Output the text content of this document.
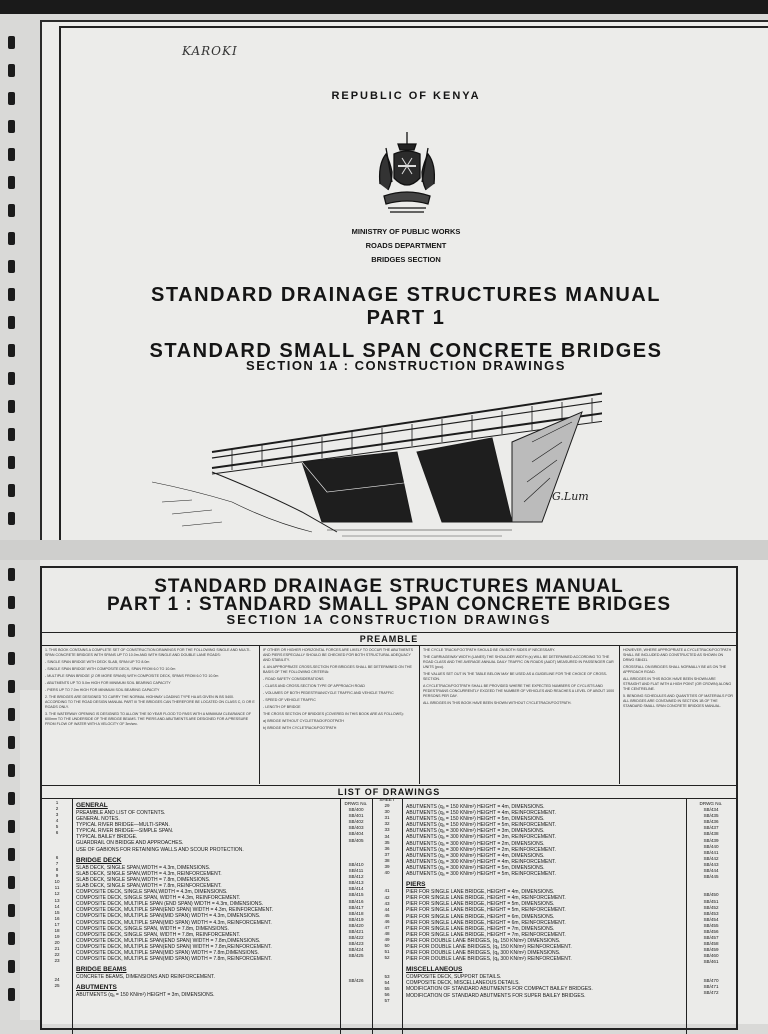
KAROKI
REPUBLIC OF KENYA
MINISTRY OF PUBLIC WORKS
ROADS DEPARTMENT
BRIDGES SECTION
STANDARD DRAINAGE STRUCTURES MANUAL
PART 1
STANDARD SMALL SPAN CONCRETE BRIDGES
SECTION 1A : CONSTRUCTION DRAWINGS
G.Lum
STANDARD DRAINAGE STRUCTURES MANUAL
PART 1 : STANDARD SMALL SPAN CONCRETE BRIDGES
SECTION 1A CONSTRUCTION DRAWINGS
PREAMBLE

1. THIS BOOK CONTAINS A COMPLETE SET OF CONSTRUCTION DRAWINGS FOR THE FOLLOWING SINGLE AND MULTI-SPAN CONCRETE BRIDGES WITH SPANS UP TO 10.0m AND WITH SINGLE AND DOUBLE LANE ROADS:

- SINGLE SPAN BRIDGE WITH DECK SLAB, SPAN UP TO 8.0m

- SINGLE SPAN BRIDGE WITH COMPOSITE DECK, SPAN FROM 6.0 TO 10.0m

- MULTIPLE SPAN BRIDGE (2 OR MORE SPANS) WITH COMPOSITE DECK, SPANS FROM 6.0 TO 10.0m

- ABUTMENTS UP TO 5.0m HIGH FOR MINIMUM SOIL BEARING CAPACITY

- PIERS UP TO 7.0m HIGH FOR MINIMUM SOIL BEARING CAPACITY

2. THE BRIDGES ARE DESIGNED TO CARRY THE NORMAL HIGHWAY LOADING TYPE HA AS GIVEN IN BS 5400. ACCORDING TO THE ROAD DESIGN MANUAL PART III THE BRIDGES CAN THEREFORE BE LOCATED ON CLASS C, D OR E ROADS ONLY.

3. THE WATERWAY OPENING IS DESIGNED TO ALLOW THE 50 YEAR FLOOD TO PASS WITH A MINIMUM CLEARANCE OF 600mm TO THE UNDERSIDE OF THE BRIDGE BEAMS. THE PIERS AND ABUTMENTS ARE DESIGNED FOR A PRESSURE FROM FLOW OF WATER WITH A VELOCITY OF 3m/sec.

IF OTHER OR HIGHER HORIZONTAL FORCES ARE LIKELY TO OCCUR THE ABUTMENTS AND PIERS ESPECIALLY SHOULD BE CHECKED FOR BOTH STRUCTURAL ADEQUACY AND STABILITY.

4. AN APPROPRIATE CROSS-SECTION FOR BRIDGES SHALL BE DETERMINED ON THE BASIS OF THE FOLLOWING CRITERIA:

- ROAD SAFETY CONSIDERATIONS

- CLASS AND CROSS-SECTION TYPE OF APPROACH ROAD

- VOLUMES OF BOTH PEDESTRIAN/CYCLE TRAFFIC AND VEHICLE TRAFFIC

- SPEED OF VEHICLE TRAFFIC

- LENGTH OF BRIDGE

THE CROSS SECTION OF BRIDGES (COVERED IN THIS BOOK ARE AS FOLLOWS):

a) BRIDGE WITHOUT CYCLETRACK/FOOTPATH

b) BRIDGE WITH CYCLETRACK/FOOTPATH

THE CYCLE TRACK/FOOTPATH SHOULD BE ON BOTH SIDES IF NECESSARY.

THE CARRIAGEWAY WIDTH (LANES) THE SHOULDER WIDTH (s) WILL BE DETERMINED ACCORDING TO THE ROAD CLASS AND THE AVERAGE ANNUAL DAILY TRAFFIC ON ROADS (AADT) MEASURED IN PASSENGER CAR UNITS (pcu).

THE VALUES SET OUT IN THE TABLE BELOW MAY BE USED AS A GUIDELINE FOR THE CHOICE OF CROSS-SECTION.

A CYCLETRACK/FOOTPATH SHALL BE PROVIDED WHERE THE EXPECTED NUMBERS OF CYCLISTS AND PEDESTRIANS CONCURRENTLY EXCEED THE NUMBER OF VEHICLES AND REACHES A LEVEL OF ABOUT 1000 PERSONS PER DAY.

ALL BRIDGES IN THIS BOOK HAVE BEEN SHOWN WITHOUT CYCLETRACK/FOOTPATH.

HOWEVER, WHERE APPROPRIATE A CYCLETRACK/FOOTPATH SHALL BE INCLUDED AND CONSTRUCTED AS SHOWN ON DRWG SB/431.

CROSSFALL ON BRIDGES SHALL NORMALLY BE AS ON THE APPROACH ROAD.

ALL BRIDGES IN THIS BOOK HAVE BEEN SHOWN ARE STRAIGHT AND FLAT WITH A HIGH POINT (OR CROWN) ALONG THE CENTRELINE.

5. BENDING SCHEDULES AND QUANTITIES OF MATERIALS FOR ALL BRIDGES ARE CONTAINED IN SECTION 1B OF THE STANDARD SMALL SPAN CONCRETE BRIDGES MANUAL.

LIST OF DRAWINGS
1
2
3
4
5
6

6
7
8
9
10
11
12
13
14
15
16
17
18
19
20
21
22
23

24
25
GENERAL
PREAMBLE AND LIST OF CONTENTS.
GENERAL NOTES.
TYPICAL RIVER BRIDGE—MULTI-SPAN.
TYPICAL RIVER BRIDGE—SIMPLE SPAN.
TYPICAL BAILEY BRIDGE.
GUARDRAIL ON BRIDGE AND APPROACHES.
USE OF GABIONS FOR RETAINING WALLS AND SCOUR PROTECTION.
BRIDGE DECK
SLAB DECK, SINGLE SPAN,WIDTH = 4.3m, DIMENSIONS.
SLAB DECK, SINGLE SPAN,WIDTH = 4.3m, REINFORCEMENT.
SLAB DECK, SINGLE SPAN,WIDTH = 7.8m, DIMENSIONS.
SLAB DECK, SINGLE SPAN,WIDTH = 7.8m, REINFORCEMENT.
COMPOSITE DECK, SINGLE SPAN,WIDTH = 4.3m, DIMENSIONS.
COMPOSITE DECK, SINGLE SPAN, WIDTH = 4.3m, REINFORCEMENT.
COMPOSITE DECK, MULTIPLE SPAN (END SPAN) WIDTH = 4.3m, DIMENSIONS.
COMPOSITE DECK, MULTIPLE SPAN(END SPAN) WIDTH = 4.3m, REINFORCEMENT.
COMPOSITE DECK, MULTIPLE SPAN(MID SPAN) WIDTH = 4.3m, DIMENSIONS.
COMPOSITE DECK, MULTIPLE SPAN(MID SPAN) WIDTH = 4.3m, REINFORCEMENT.
COMPOSITE DECK, SINGLE SPAN, WIDTH = 7.8m, DIMENSIONS.
COMPOSITE DECK, SINGLE SPAN, WIDTH = 7.8m, REINFORCEMENT.
COMPOSITE DECK, MULTIPLE SPAN(END SPAN) WIDTH = 7.8m,DIMENSIONS.
COMPOSITE DECK, MULTIPLE SPAN(END SPAN) WIDTH = 7.8m,REINFORCEMENT.
COMPOSITE DECK, MULTIPLE SPAN(MID SPAN) WIDTH = 7.8m,DIMENSIONS.
COMPOSITE DECK, MULTIPLE SPAN(MID SPAN) WIDTH = 7.8m, REINFORCEMENT.
BRIDGE BEAMS
CONCRETE BEAMS, DIMENSIONS AND REINFORCEMENT.
ABUTMENTS
ABUTMENTS (qₐ = 150 KN/m²) HEIGHT = 3m, DIMENSIONS.
DRWG No.
SB/400
SB/401
SB/402
SB/403
SB/404
SB/405

SB/410
SB/411
SB/412
SB/413
SB/414
SB/415
SB/416
SB/417
SB/418
SB/419
SB/420
SB/421
SB/422
SB/423
SB/424
SB/425

SB/426
SHEET
29
30
31
32
33
34
35
36
37
38
39
40

41
42
43
44
45
46
47
48
49
50
51
52

53
54
55
56
57
ABUTMENTS (qₐ = 150 KN/m²) HEIGHT = 4m, DIMENSIONS.
ABUTMENTS (qₐ = 150 KN/m²) HEIGHT = 4m, REINFORCEMENT.
ABUTMENTS (qₐ = 150 KN/m²) HEIGHT = 5m, DIMENSIONS.
ABUTMENTS (qₐ = 150 KN/m²) HEIGHT = 5m, REINFORCEMENT.
ABUTMENTS (qₐ = 300 KN/m²) HEIGHT = 3m, DIMENSIONS.
ABUTMENTS (qₐ = 300 KN/m²) HEIGHT = 3m, REINFORCEMENT.
ABUTMENTS (qₐ = 300 KN/m²) HEIGHT = 2m, DIMENSIONS.
ABUTMENTS (qₐ = 300 KN/m²) HEIGHT = 2m, REINFORCEMENT.
ABUTMENTS (qₐ = 300 KN/m²) HEIGHT = 4m, DIMENSIONS.
ABUTMENTS (qₐ = 300 KN/m²) HEIGHT = 4m, REINFORCEMENT.
ABUTMENTS (qₐ = 300 KN/m²) HEIGHT = 5m, DIMENSIONS.
ABUTMENTS (qₐ = 300 KN/m²) HEIGHT = 5m, REINFORCEMENT.
PIERS
PIER FOR SINGLE LANE BRIDGE, HEIGHT = 4m, DIMENSIONS.
PIER FOR SINGLE LANE BRIDGE, HEIGHT = 4m, REINFORCEMENT.
PIER FOR SINGLE LANE BRIDGE, HEIGHT = 5m, DIMENSIONS.
PIER FOR SINGLE LANE BRIDGE, HEIGHT = 5m, REINFORCEMENT.
PIER FOR SINGLE LANE BRIDGE, HEIGHT = 6m, DIMENSIONS.
PIER FOR SINGLE LANE BRIDGE, HEIGHT = 6m, REINFORCEMENT.
PIER FOR SINGLE LANE BRIDGE, HEIGHT = 7m, DIMENSIONS.
PIER FOR SINGLE LANE BRIDGE, HEIGHT = 7m, REINFORCEMENT.
PIER FOR DOUBLE LANE BRIDGES, (qₐ 150 KN/m²) DIMENSIONS.
PIER FOR DOUBLE LANE BRIDGES, (qₐ 150 KN/m²) REINFORCEMENT.
PIER FOR DOUBLE LANE BRIDGES, (qₐ 300 KN/m²) DIMENSIONS.
PIER FOR DOUBLE LANE BRIDGES, (qₐ 300 KN/m²) REINFORCEMENT.
MISCELLANEOUS
COMPOSITE DECK, SUPPORT DETAILS.
COMPOSITE DECK, MISCELLANEOUS DETAILS.
MODIFICATION OF STANDARD ABUTMENTS FOR COMPACT BAILEY BRIDGES.
MODIFICATION OF STANDARD ABUTMENTS FOR SUPER BAILEY BRIDGES.
DRWG No.
SB/434
SB/435
SB/436
SB/437
SB/438
SB/439
SB/440
SB/441
SB/442
SB/443
SB/444
SB/445

SB/450
SB/451
SB/452
SB/453
SB/454
SB/455
SB/456
SB/457
SB/458
SB/459
SB/460
SB/461

SB/470
SB/471
SB/472
